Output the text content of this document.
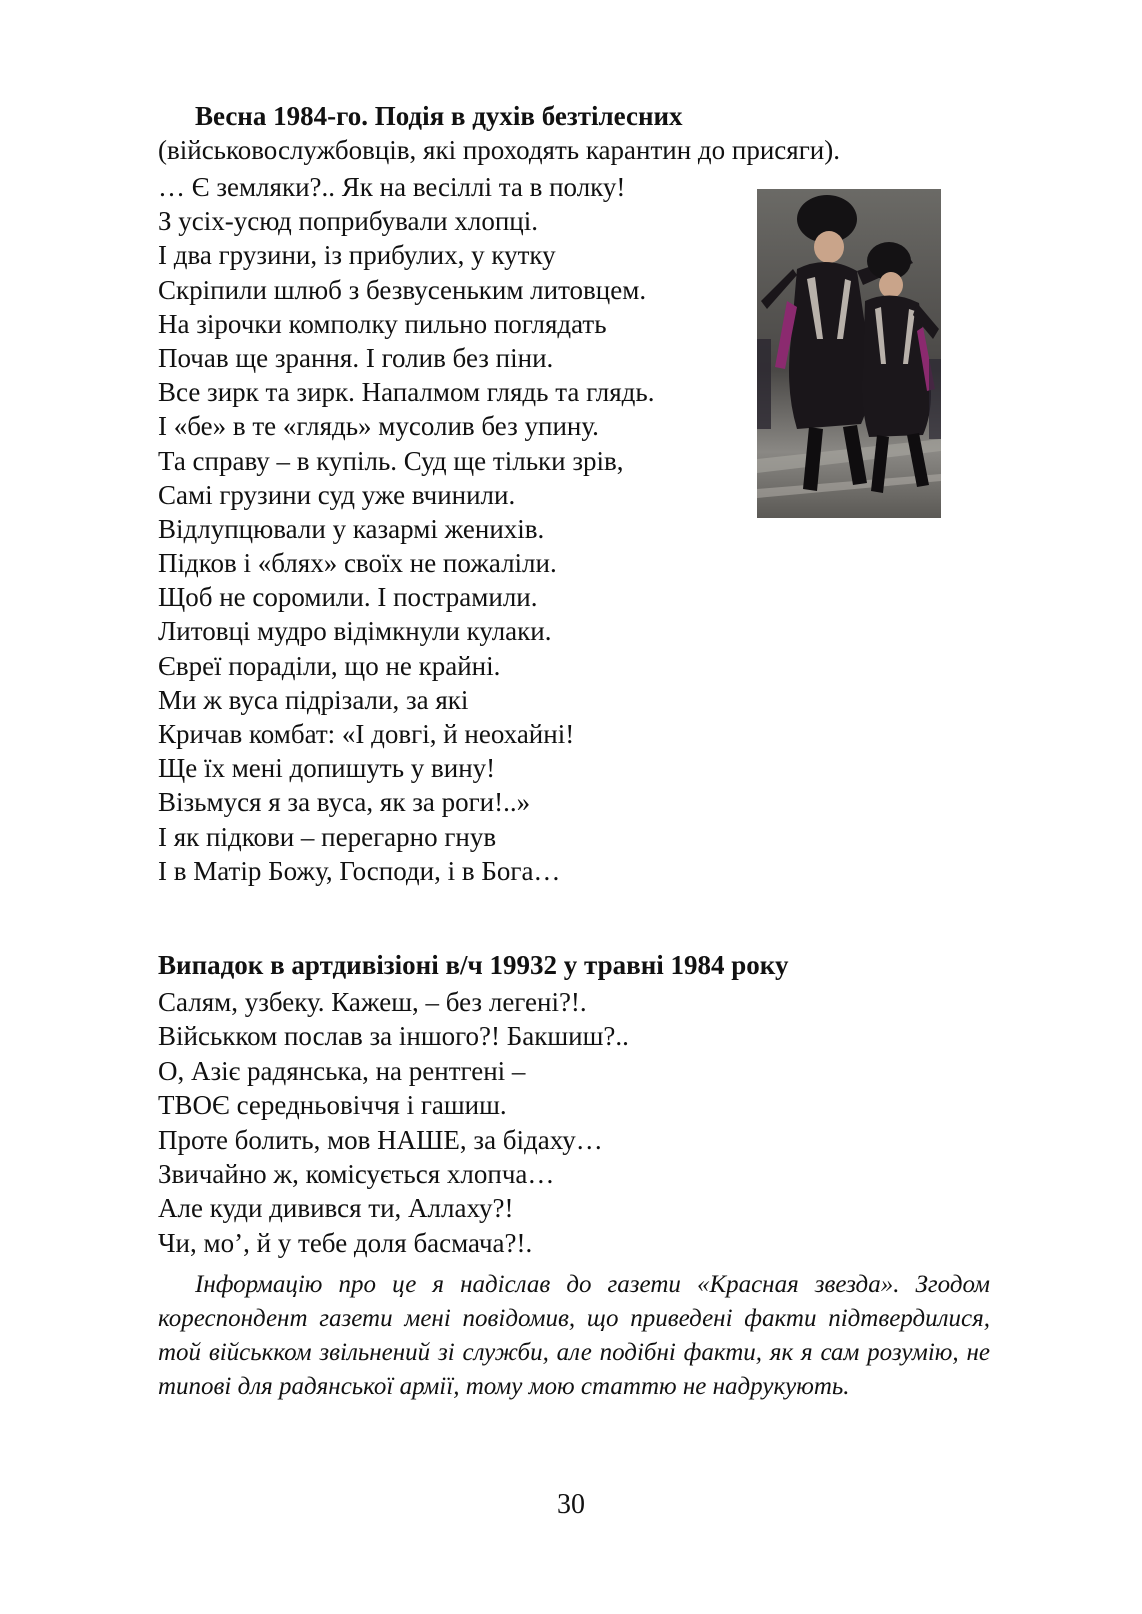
Весна 1984-го. Подія в духів безтілесних
(військовослужбовців, які проходять карантин до присяги).
… Є земляки?.. Як на весіллі та в полку!
З усіх-усюд поприбували хлопці.
І два грузини, із прибулих, у кутку
Скріпили шлюб з безвусеньким литовцем.
На зірочки комполку пильно поглядать
Почав ще зрання. І голив без піни.
Все зирк та зирк. Напалмом глядь та глядь.
І «бе» в те «глядь» мусолив без упину.
Та справу – в купіль. Суд ще тільки зрів,
Самі грузини суд уже вчинили.
Відлупцювали у казармі женихів.
Підков і «блях» своїх не пожаліли.
Щоб не соромили. І пострамили.
Литовці мудро відімкнули кулаки.
Євреї пораділи, що не крайні.
Ми ж вуса підрізали, за які
Кричав комбат: «І довгі, й неохайні!
Ще їх мені допишуть у вину!
Візьмуся я за вуса, як за роги!..»
І як підкови – перегарно гнув
І в Матір Божу, Господи, і в Бога…
Випадок в артдивізіоні в/ч 19932 у травні 1984 року
Салям, узбеку. Кажеш, – без легені?!.
Військком послав за іншого?! Бакшиш?..
О, Азіє радянська, на рентгені –
ТВОЄ середньовіччя і гашиш.
Проте болить, мов НАШЕ, за бідаху…
Звичайно ж, комісується хлопча…
Але куди дивився ти, Аллаху?!
Чи, мо’, й у тебе доля басмача?!.

Інформацію про це я надіслав до газети «Красная звезда». Згодом кореспондент газети мені повідомив, що приведені факти підтвердилися, той військком звільнений зі служби, але подібні факти, як я сам розумію, не типові для радянської армії, тому мою статтю не надрукують.

30
